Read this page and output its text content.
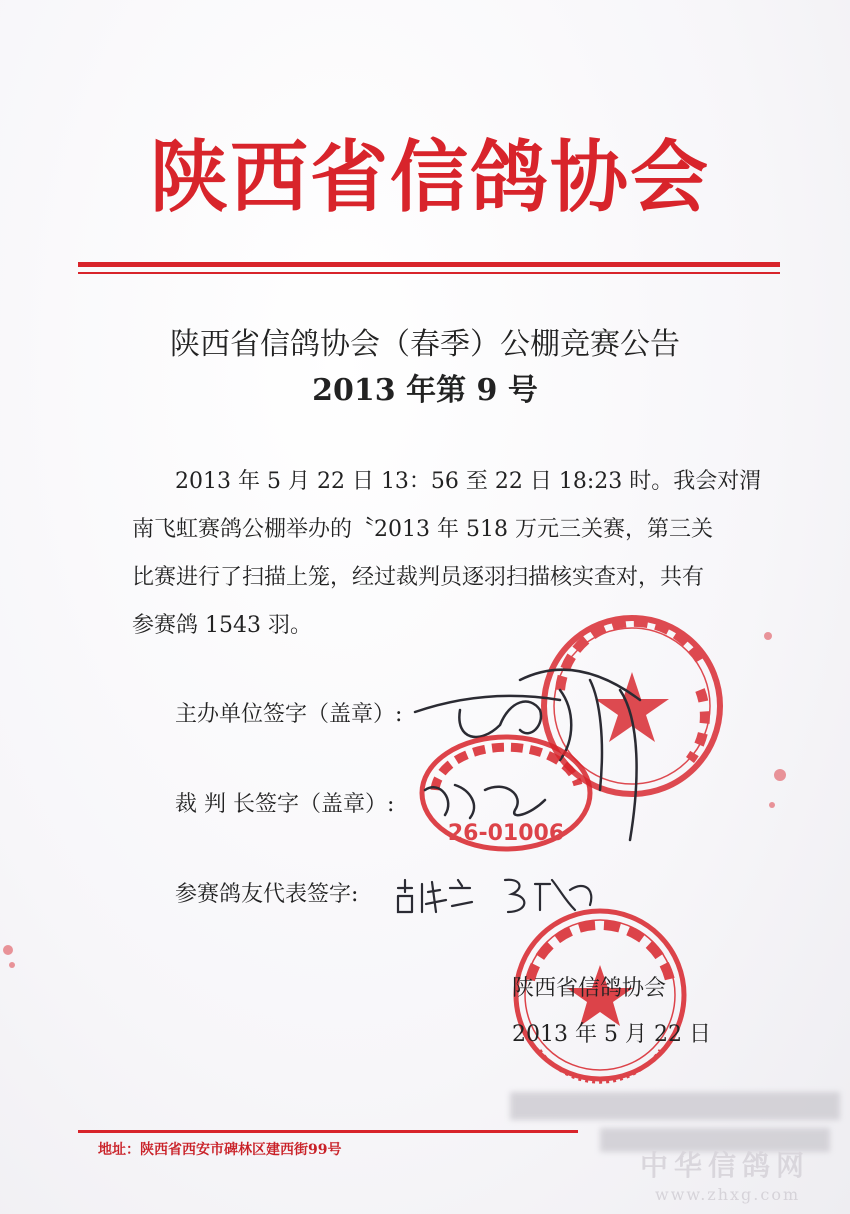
陕西省信鸽协会
陕西省信鸽协会（春季）公棚竞赛公告
2013 年第 9 号
2013 年 5 月 22 日 13：56 至 22 日 18:23 时。我会对渭
南飞虹赛鸽公棚举办的〝2013 年 518 万元三关赛，第三关
比赛进行了扫描上笼，经过裁判员逐羽扫描核实查对，共有
参赛鸽 1543 羽。
主办单位签字（盖章）:
裁 判 长签字（盖章）:
参赛鸽友代表签字:
26-01006
陕西省信鸽协会
2013 年 5 月 22 日
地址：陕西省西安市碑林区建西街99号	中华信鸽网
www.zhxg.com
